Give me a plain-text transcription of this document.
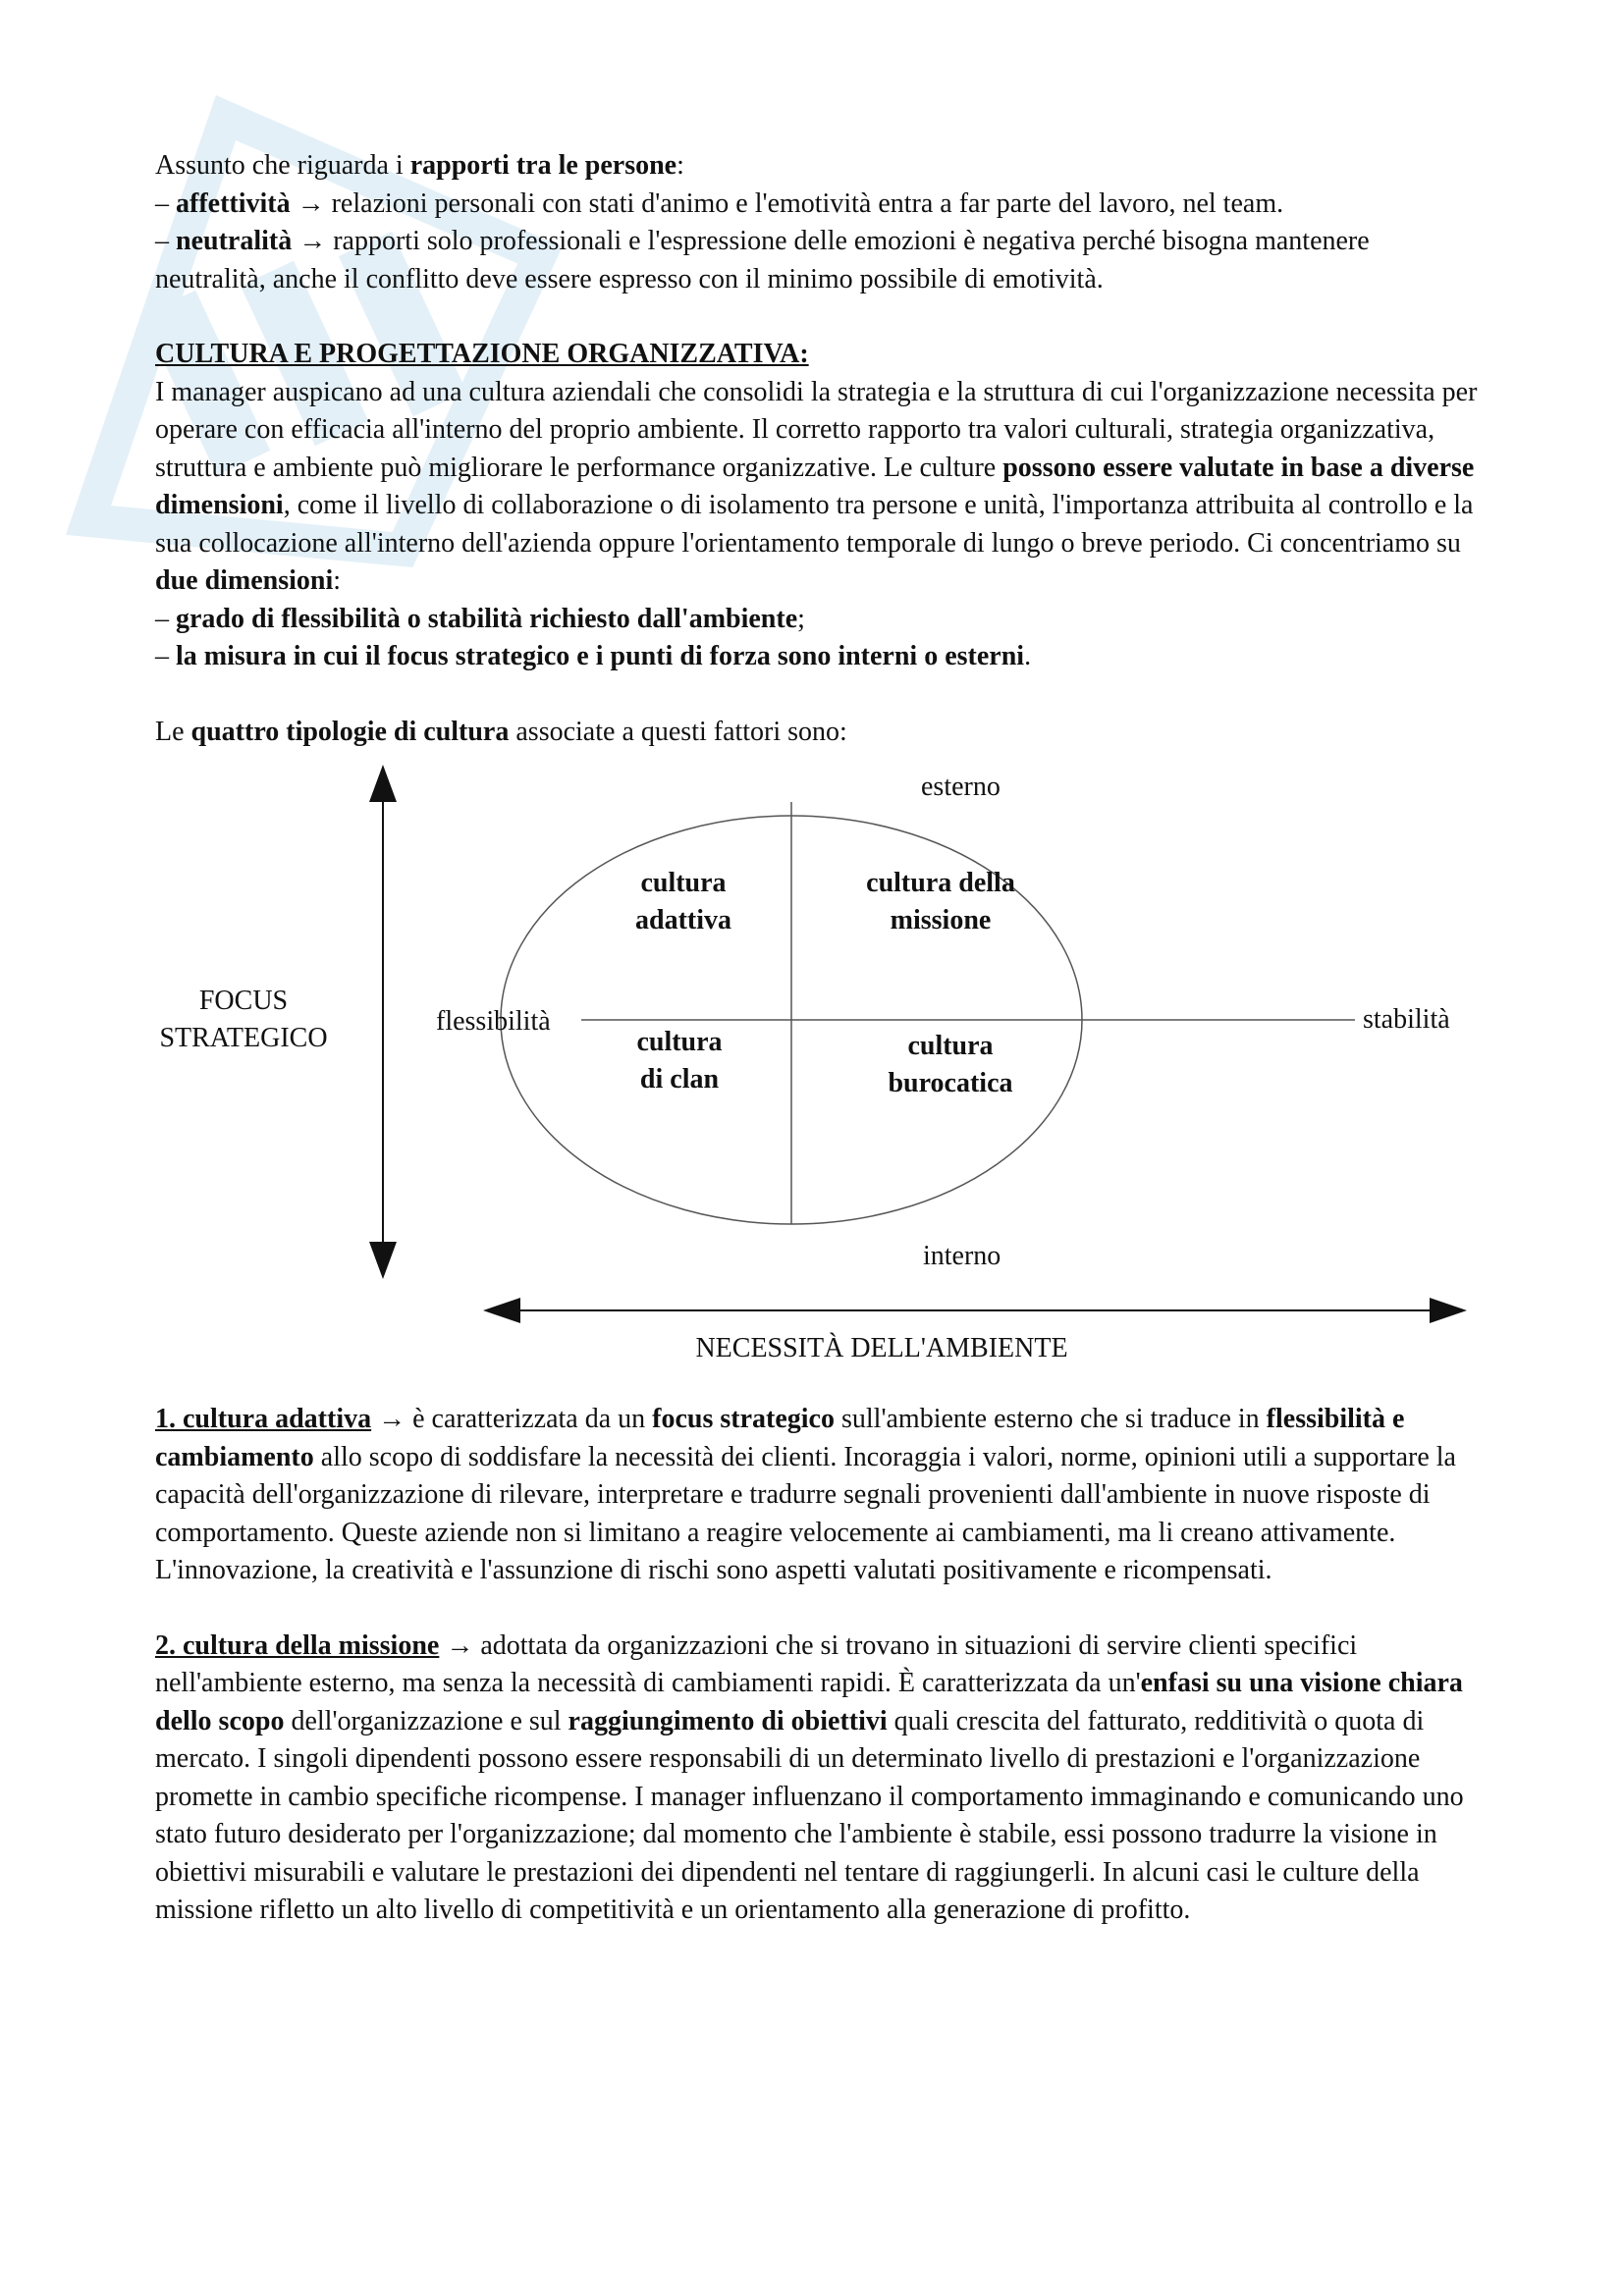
Assunto che riguarda i rapporti tra le persone:

– affettività → relazioni personali con stati d'animo e l'emotività entra a far parte del lavoro, nel team.

– neutralità → rapporti solo professionali e l'espressione delle emozioni è negativa perché bisogna mantenere neutralità, anche il conflitto deve essere espresso con il minimo possibile di emotività.

CULTURA E PROGETTAZIONE ORGANIZZATIVA:

I manager auspicano ad una cultura aziendali che consolidi la strategia e la struttura di cui l'organizzazione necessita per operare con efficacia all'interno del proprio ambiente. Il corretto rapporto tra valori culturali, strategia organizzativa, struttura e ambiente può migliorare le performance organizzative. Le culture possono essere valutate in base a diverse dimensioni, come il livello di collaborazione o di isolamento tra persone e unità, l'importanza attribuita al controllo e la sua collocazione all'interno dell'azienda oppure l'orientamento temporale di lungo o breve periodo. Ci concentriamo su due dimensioni:

– grado di flessibilità o stabilità richiesto dall'ambiente;

– la misura in cui il focus strategico e i punti di forza sono interni o esterni.

Le quattro tipologie di cultura associate a questi fattori sono:

esterno
interno
flessibilità	stabilità
FOCUS
STRATEGICO
NECESSITÀ DELL'AMBIENTE
cultura
adattiva
cultura della
missione
cultura
di clan
cultura
burocatica

1. cultura adattiva → è caratterizzata da un focus strategico sull'ambiente esterno che si traduce in flessibilità e cambiamento allo scopo di soddisfare la necessità dei clienti. Incoraggia i valori, norme, opinioni utili a supportare la capacità dell'organizzazione di rilevare, interpretare e tradurre segnali provenienti dall'ambiente in nuove risposte di comportamento. Queste aziende non si limitano a reagire velocemente ai cambiamenti, ma li creano attivamente. L'innovazione, la creatività e l'assunzione di rischi sono aspetti valutati positivamente e ricompensati.

2. cultura della missione → adottata da organizzazioni che si trovano in situazioni di servire clienti specifici nell'ambiente esterno, ma senza la necessità di cambiamenti rapidi. È caratterizzata da un'enfasi su una visione chiara dello scopo dell'organizzazione e sul raggiungimento di obiettivi quali crescita del fatturato, redditività o quota di mercato. I singoli dipendenti possono essere responsabili di un determinato livello di prestazioni e l'organizzazione promette in cambio specifiche ricompense. I manager influenzano il comportamento immaginando e comunicando uno stato futuro desiderato per l'organizzazione; dal momento che l'ambiente è stabile, essi possono tradurre la visione in obiettivi misurabili e valutare le prestazioni dei dipendenti nel tentare di raggiungerli. In alcuni casi le culture della missione rifletto un alto livello di competitività e un orientamento alla generazione di profitto.
